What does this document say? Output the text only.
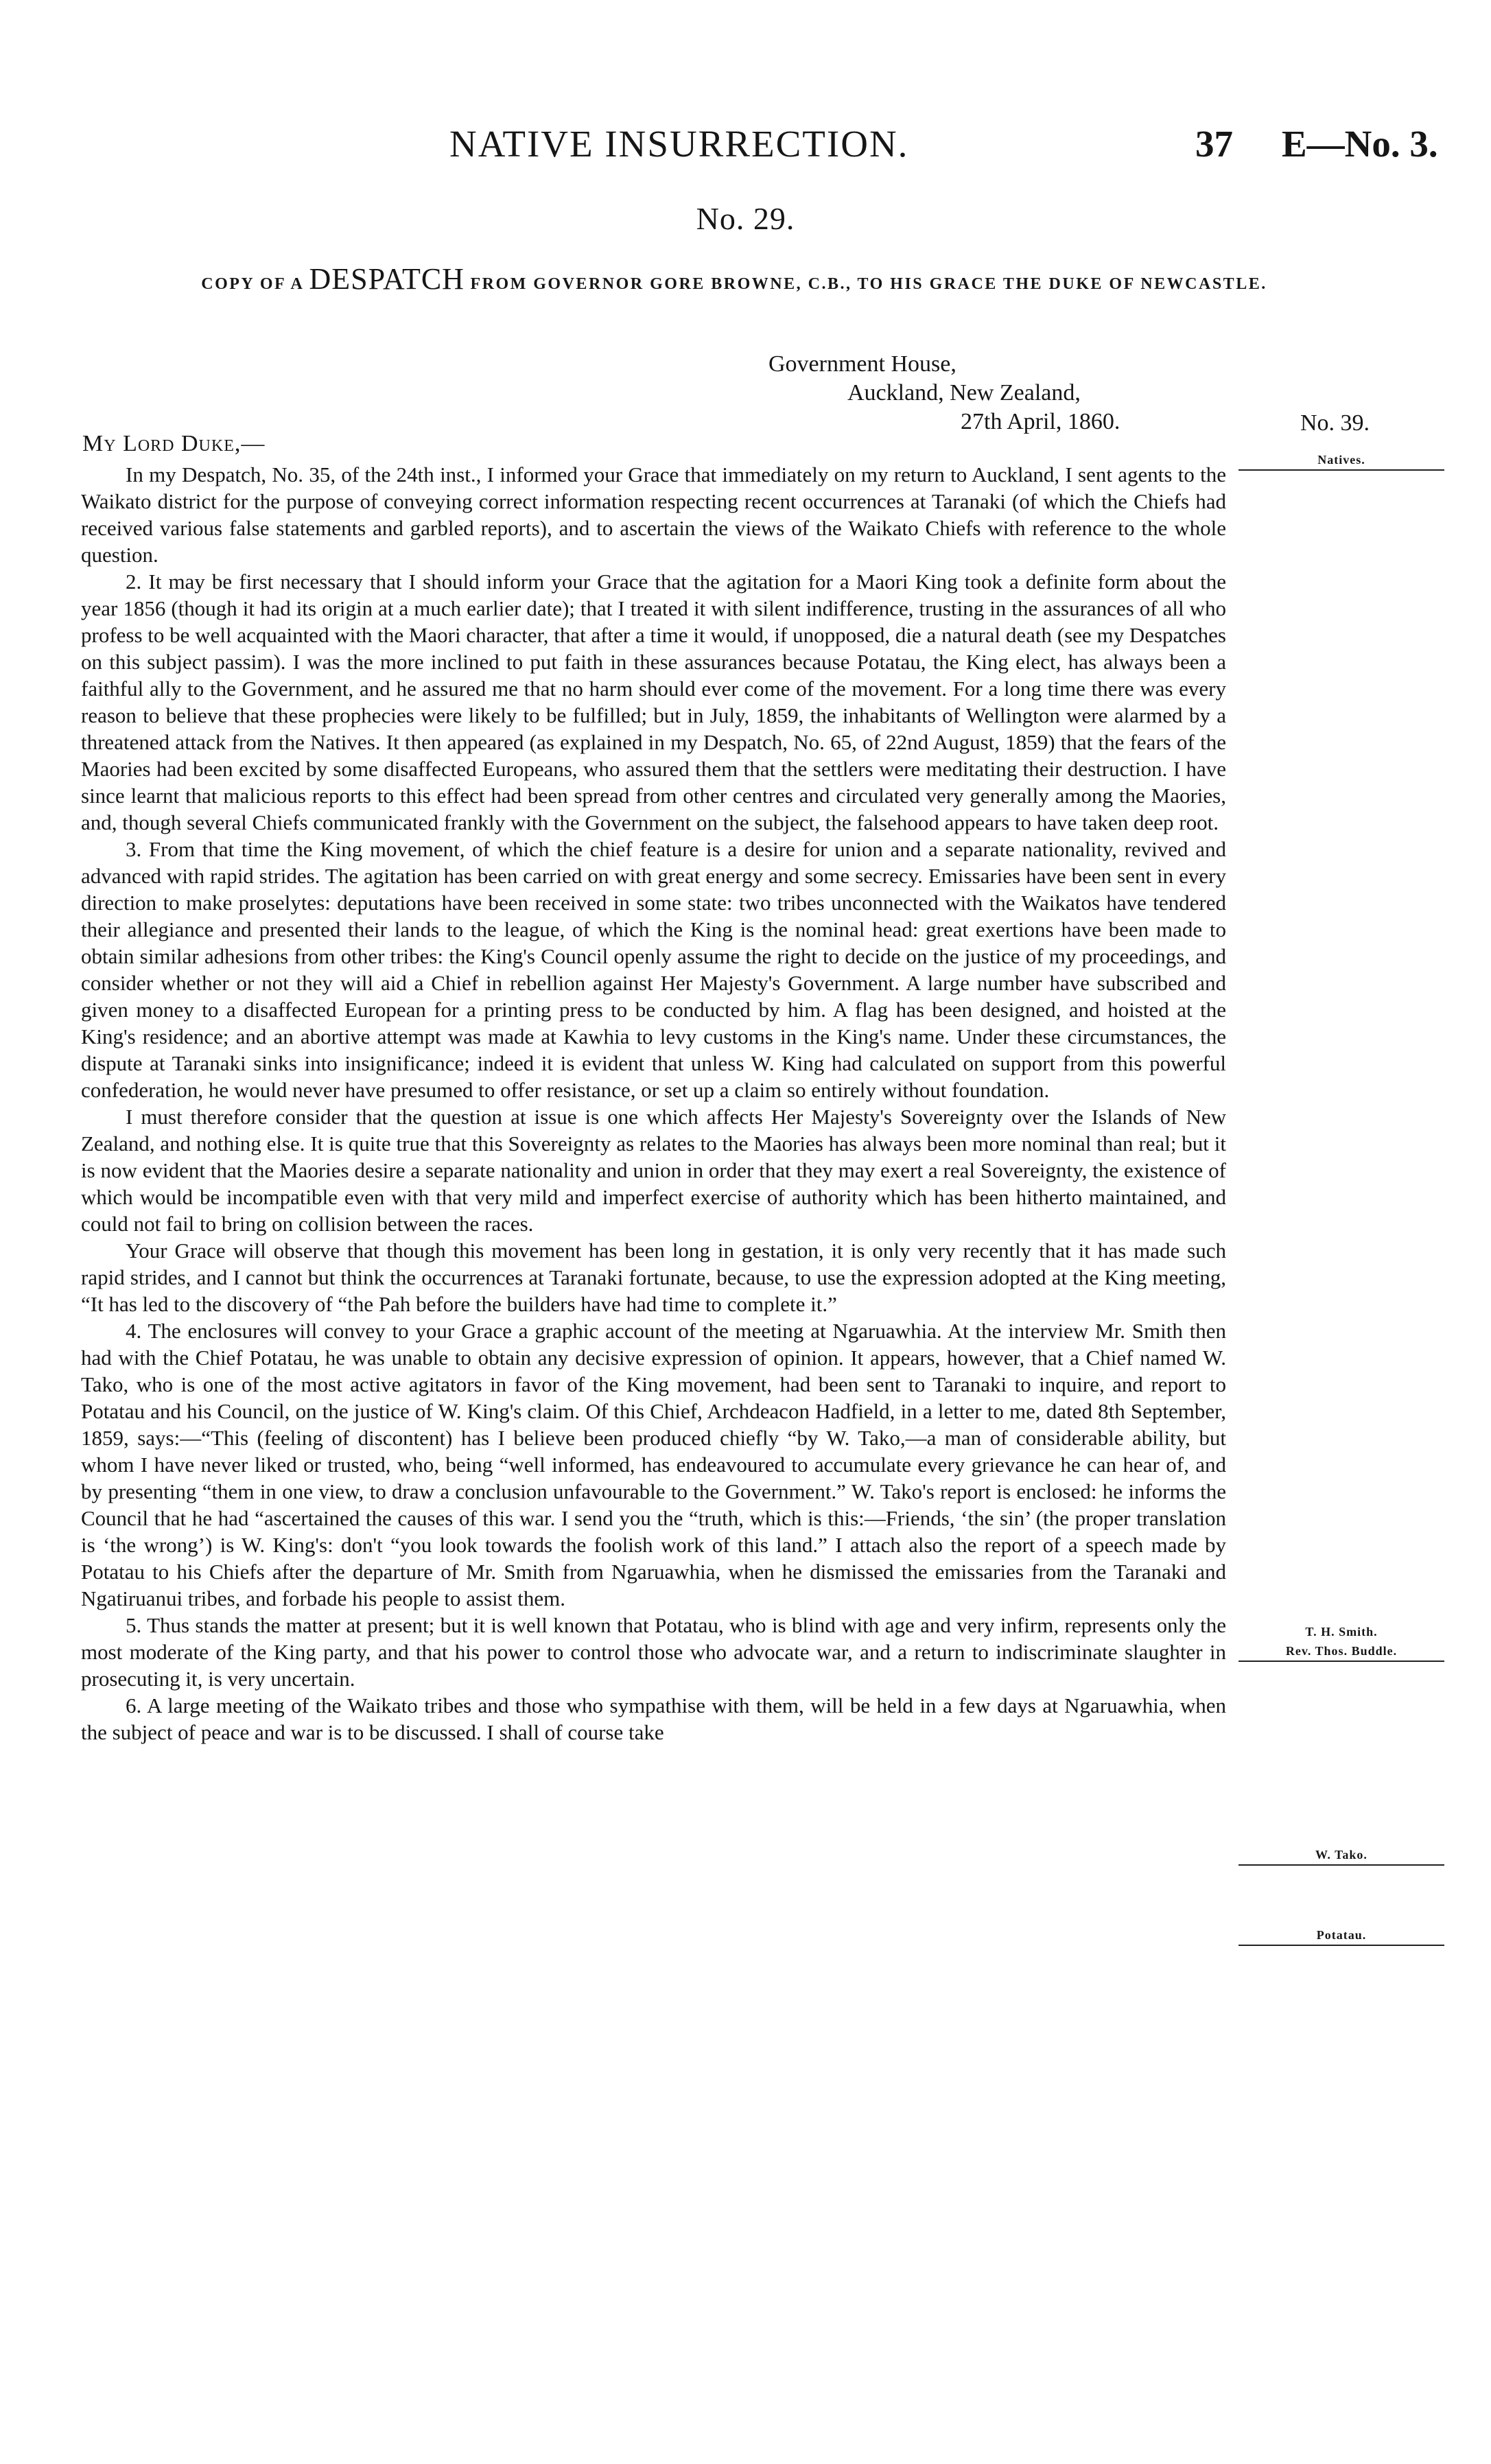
NATIVE INSURRECTION.	37 E—No. 3.
No. 29.
COPY OF A DESPATCH FROM GOVERNOR GORE BROWNE, C.B., TO HIS GRACE THE DUKE OF NEWCASTLE.
Government House,
Auckland, New Zealand,
27th April, 1860.	No. 39.
My Lord Duke,—

In my Despatch, No. 35, of the 24th inst., I informed your Grace that immediately on my return to Auckland, I sent agents to the Waikato district for the purpose of conveying correct information respecting recent occurrences at Taranaki (of which the Chiefs had received various false statements and garbled reports), and to ascertain the views of the Waikato Chiefs with reference to the whole question.

2. It may be first necessary that I should inform your Grace that the agitation for a Maori King took a definite form about the year 1856 (though it had its origin at a much earlier date); that I treated it with silent indifference, trusting in the assurances of all who profess to be well acquainted with the Maori character, that after a time it would, if unopposed, die a natural death (see my Despatches on this subject passim). I was the more inclined to put faith in these assurances because Potatau, the King elect, has always been a faithful ally to the Government, and he assured me that no harm should ever come of the movement. For a long time there was every reason to believe that these prophecies were likely to be fulfilled; but in July, 1859, the inhabitants of Wellington were alarmed by a threatened attack from the Natives. It then appeared (as explained in my Despatch, No. 65, of 22nd August, 1859) that the fears of the Maories had been excited by some disaffected Europeans, who assured them that the settlers were meditating their destruction. I have since learnt that malicious reports to this effect had been spread from other centres and circulated very generally among the Maories, and, though several Chiefs communicated frankly with the Government on the subject, the falsehood appears to have taken deep root.

3. From that time the King movement, of which the chief feature is a desire for union and a separate nationality, revived and advanced with rapid strides. The agitation has been carried on with great energy and some secrecy. Emissaries have been sent in every direction to make proselytes: deputations have been received in some state: two tribes unconnected with the Waikatos have tendered their allegiance and presented their lands to the league, of which the King is the nominal head: great exertions have been made to obtain similar adhesions from other tribes: the King's Council openly assume the right to decide on the justice of my proceedings, and consider whether or not they will aid a Chief in rebellion against Her Majesty's Government. A large number have subscribed and given money to a disaffected European for a printing press to be conducted by him. A flag has been designed, and hoisted at the King's residence; and an abortive attempt was made at Kawhia to levy customs in the King's name. Under these circumstances, the dispute at Taranaki sinks into insignificance; indeed it is evident that unless W. King had calculated on support from this powerful confederation, he would never have presumed to offer resistance, or set up a claim so entirely without foundation.

I must therefore consider that the question at issue is one which affects Her Majesty's Sovereignty over the Islands of New Zealand, and nothing else. It is quite true that this Sovereignty as relates to the Maories has always been more nominal than real; but it is now evident that the Maories desire a separate nationality and union in order that they may exert a real Sovereignty, the existence of which would be incompatible even with that very mild and imperfect exercise of authority which has been hitherto maintained, and could not fail to bring on collision between the races.

Your Grace will observe that though this movement has been long in gestation, it is only very recently that it has made such rapid strides, and I cannot but think the occurrences at Taranaki fortunate, because, to use the expression adopted at the King meeting, “It has led to the discovery of “the Pah before the builders have had time to complete it.”

4. The enclosures will convey to your Grace a graphic account of the meeting at Ngaruawhia. At the interview Mr. Smith then had with the Chief Potatau, he was unable to obtain any decisive expression of opinion. It appears, however, that a Chief named W. Tako, who is one of the most active agitators in favor of the King movement, had been sent to Taranaki to inquire, and report to Potatau and his Council, on the justice of W. King's claim. Of this Chief, Archdeacon Hadfield, in a letter to me, dated 8th September, 1859, says:—“This (feeling of discontent) has I believe been produced chiefly “by W. Tako,—a man of considerable ability, but whom I have never liked or trusted, who, being “well informed, has endeavoured to accumulate every grievance he can hear of, and by presenting “them in one view, to draw a conclusion unfavourable to the Government.” W. Tako's report is enclosed: he informs the Council that he had “ascertained the causes of this war. I send you the “truth, which is this:—Friends, ‘the sin’ (the proper translation is ‘the wrong’) is W. King's: don't “you look towards the foolish work of this land.” I attach also the report of a speech made by Potatau to his Chiefs after the departure of Mr. Smith from Ngaruawhia, when he dismissed the emissaries from the Taranaki and Ngatiruanui tribes, and forbade his people to assist them.

5. Thus stands the matter at present; but it is well known that Potatau, who is blind with age and very infirm, represents only the most moderate of the King party, and that his power to control those who advocate war, and a return to indiscriminate slaughter in prosecuting it, is very uncertain.

6. A large meeting of the Waikato tribes and those who sympathise with them, will be held in a few days at Ngaruawhia, when the subject of peace and war is to be discussed. I shall of course take

Natives.
T. H. Smith.
Rev. Thos. Buddle.
W. Tako.
Potatau.
